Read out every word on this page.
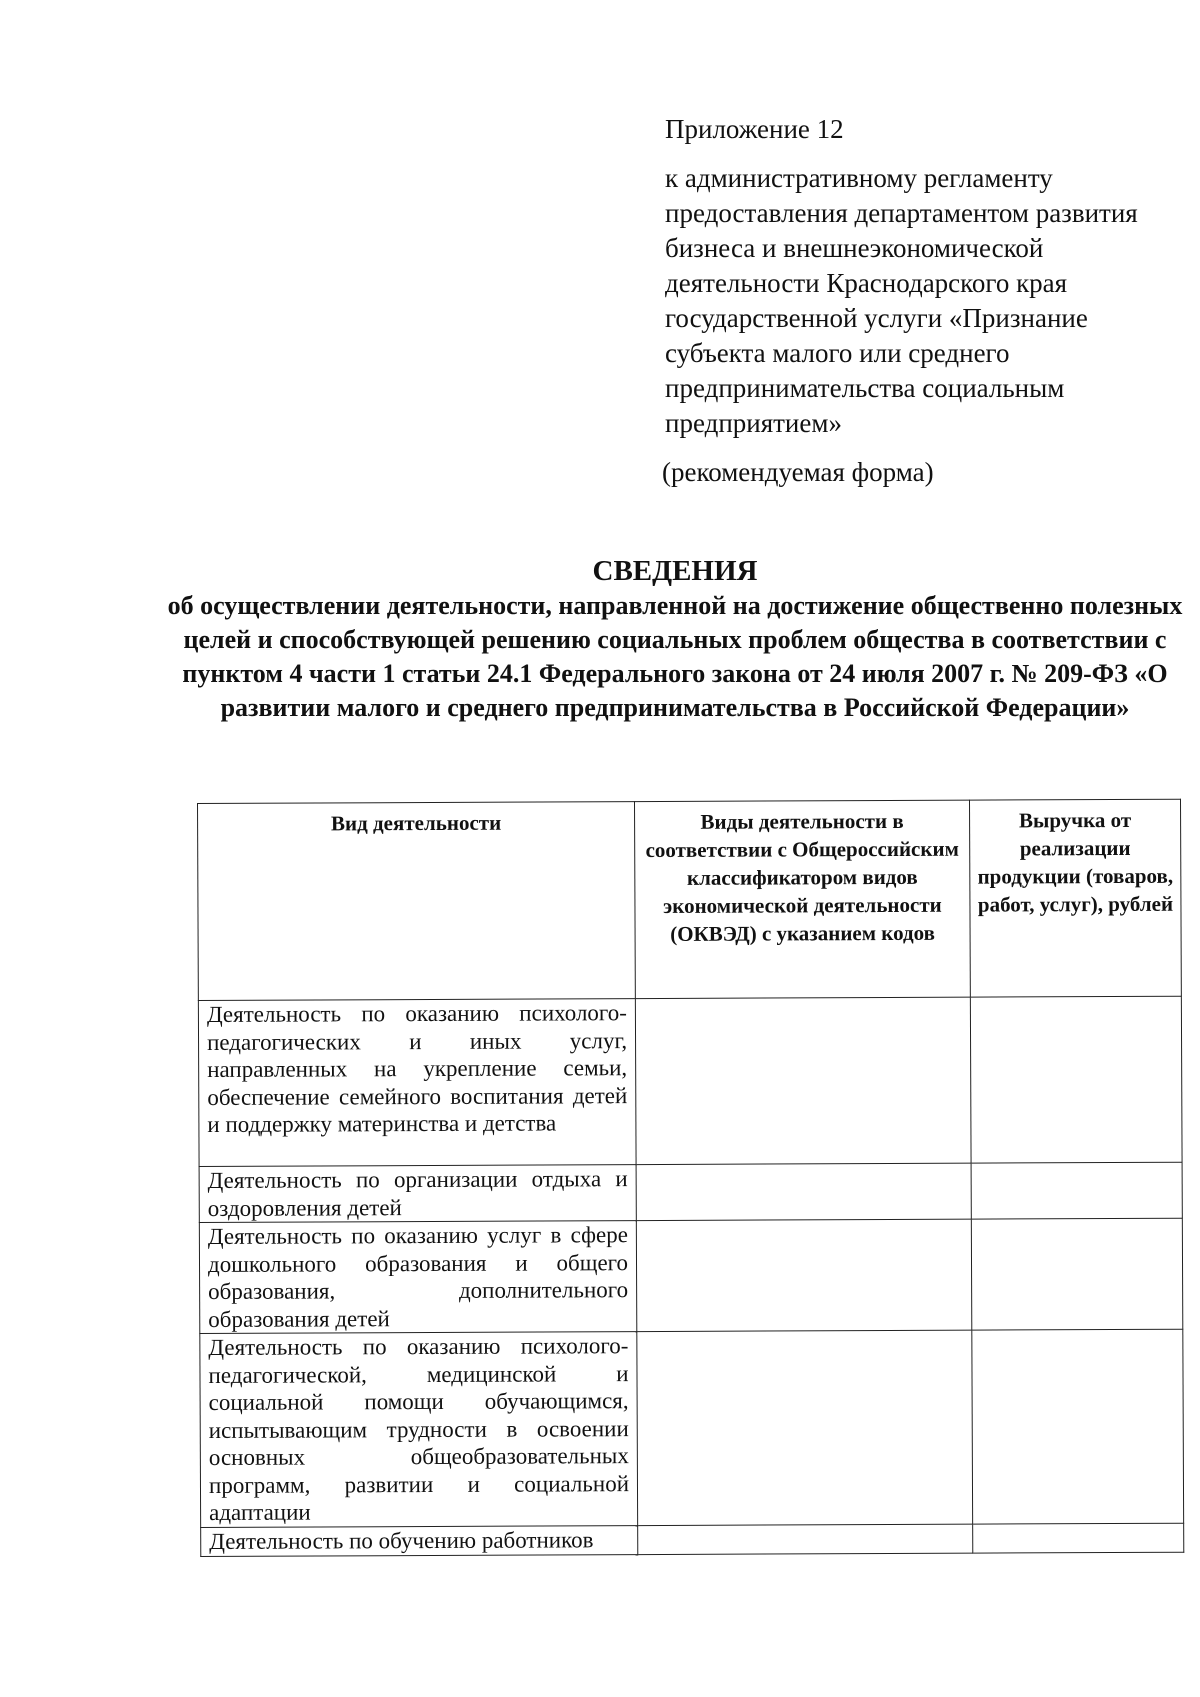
Приложение 12

к административному регламенту предоставления департаментом развития бизнеса и внешнеэкономической деятельности Краснодарского края государственной услуги «Признание субъекта малого или среднего предпринимательства социальным предприятием»

(рекомендуемая форма)

СВЕДЕНИЯ

об осуществлении деятельности, направленной на достижение общественно полезных целей и способствующей решению социальных проблем общества в соответствии с пунктом 4 части 1 статьи 24.1 Федерального закона от 24 июля 2007 г. № 209-ФЗ «О развитии малого и среднего предпринимательства в Российской Федерации»

Вид деятельности	Виды деятельности в соответствии с Общероссийским классификатором видов экономической деятельности (ОКВЭД) с указанием кодов	Выручка от реализации продукции (товаров, работ, услуг), рублей
Деятельность по оказанию психолого-педагогических и иных услуг, направленных на укрепление семьи, обеспечение семейного воспитания детей и поддержку материнства и детства		
Деятельность по организации отдыха и оздоровления детей		
Деятельность по оказанию услуг в сфере дошкольного образования и общего образования, дополнительного образования детей		
Деятельность по оказанию психолого-педагогической, медицинской и социальной помощи обучающимся, испытывающим трудности в освоении основных общеобразовательных программ, развитии и социальной адаптации		
Деятельность по обучению работников		
